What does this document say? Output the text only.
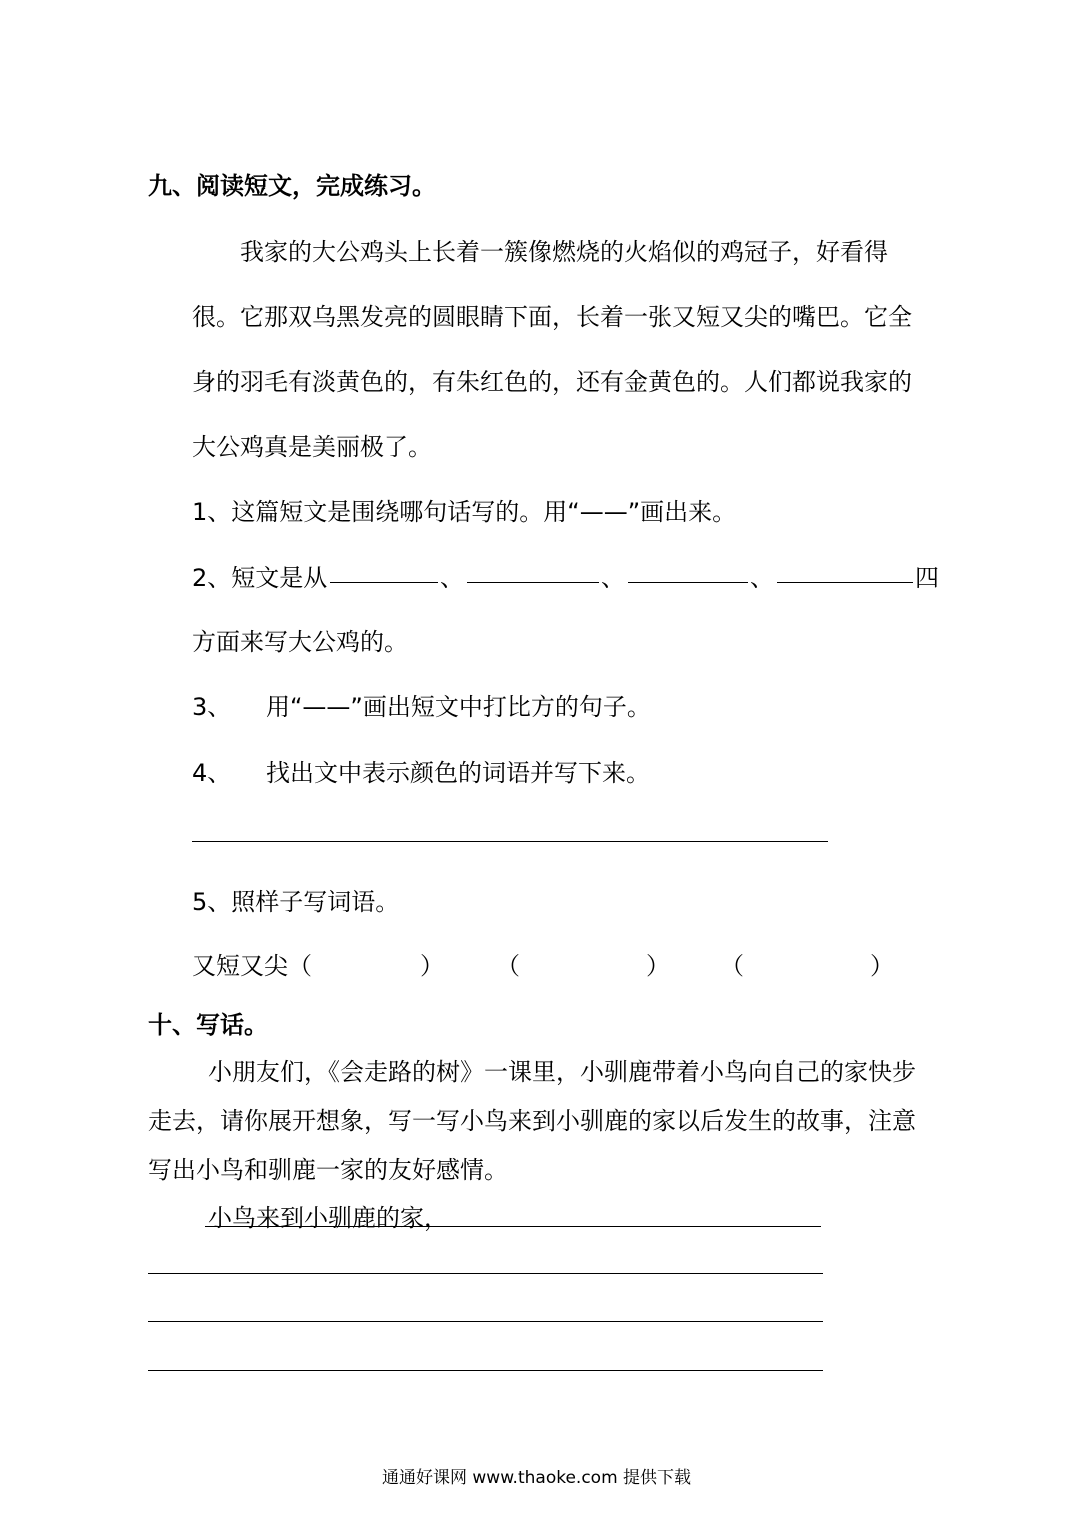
九、阅读短文，完成练习。
我家的大公鸡头上长着一簇像燃烧的火焰似的鸡冠子，好看得
很。它那双乌黑发亮的圆眼睛下面，长着一张又短又尖的嘴巴。它全
身的羽毛有淡黄色的，有朱红色的，还有金黄色的。人们都说我家的
大公鸡真是美丽极了。
1、这篇短文是围绕哪句话写的。用“——”画出来。
2、短文是从	、	、	、	四
方面来写大公鸡的。
3、 用“——”画出短文中打比方的句子。
4、 找出文中表示颜色的词语并写下来。
5、照样子写词语。
又短又尖（	） （	） （	）
十、写话。
小朋友们，《会走路的树》一课里，小驯鹿带着小鸟向自己的家快步
走去，请你展开想象，写一写小鸟来到小驯鹿的家以后发生的故事，注意
写出小鸟和驯鹿一家的友好感情。
小鸟来到小驯鹿的家，
通通好课网 www.thaoke.com 提供下载
